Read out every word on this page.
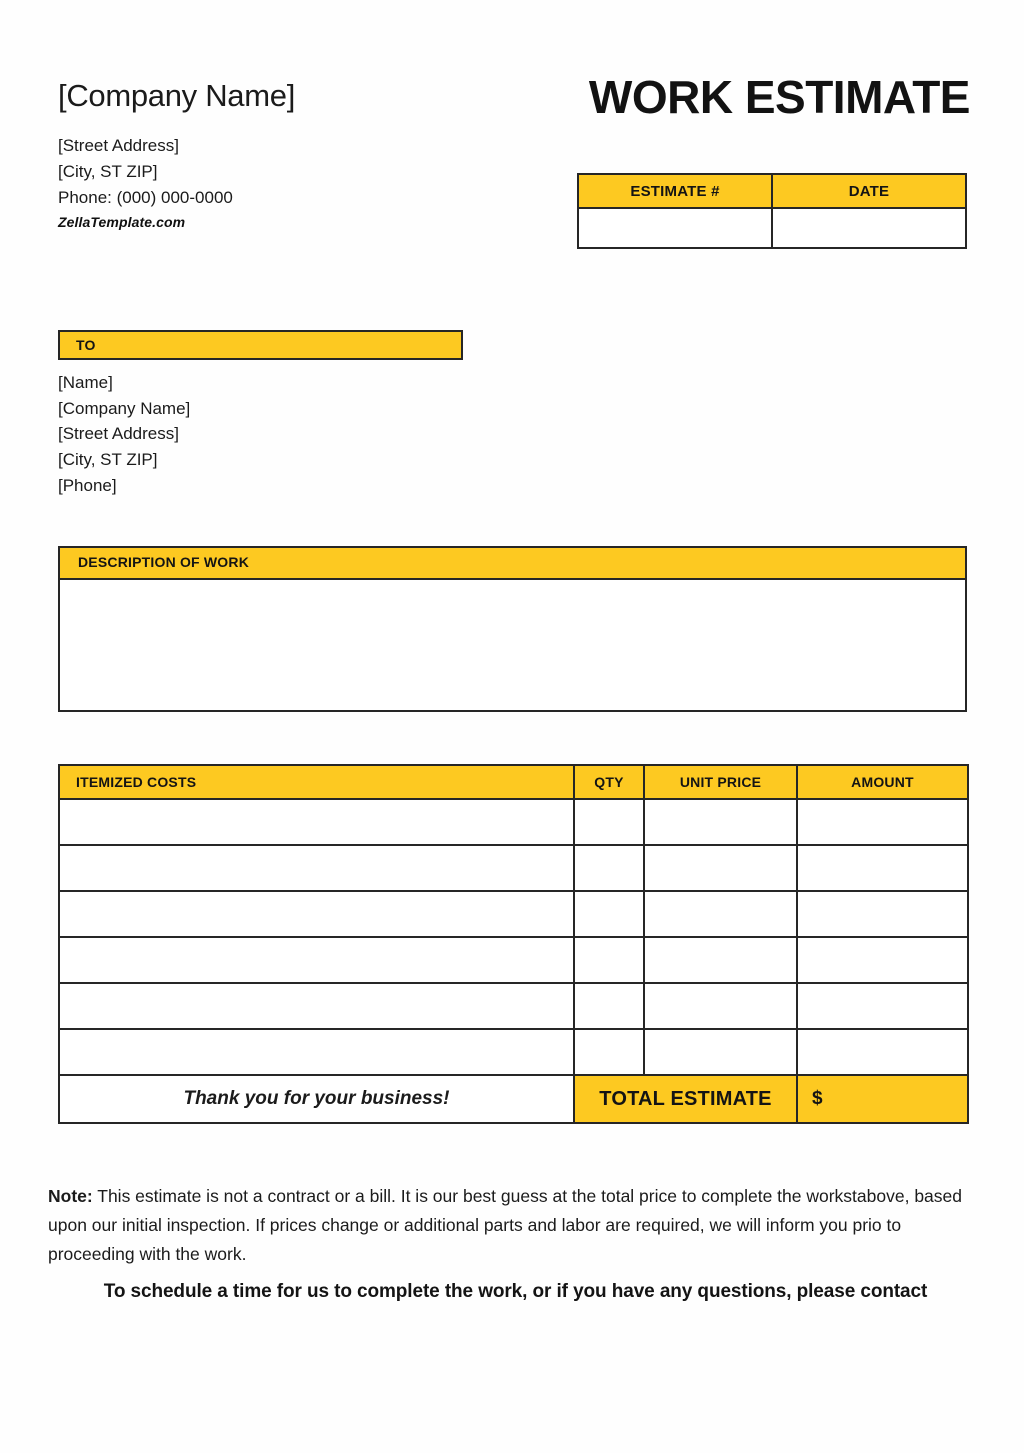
[Company Name]
[Street Address]
[City, ST ZIP]
Phone: (000) 000-0000
ZellaTemplate.com
WORK ESTIMATE
ESTIMATE #	DATE

TO
[Name]
[Company Name]
[Street Address]
[City, ST ZIP]
[Phone]
DESCRIPTION OF WORK
ITEMIZED COSTS	QTY	UNIT PRICE	AMOUNT

Thank you for your business!	TOTAL ESTIMATE		$
Note: This estimate is not a contract or a bill. It is our best guess at the total price to complete the workstabove, based upon our initial inspection. If prices change or additional parts and labor are required, we will inform you prio to proceeding with the work.
To schedule a time for us to complete the work, or if you have any questions, please contact
